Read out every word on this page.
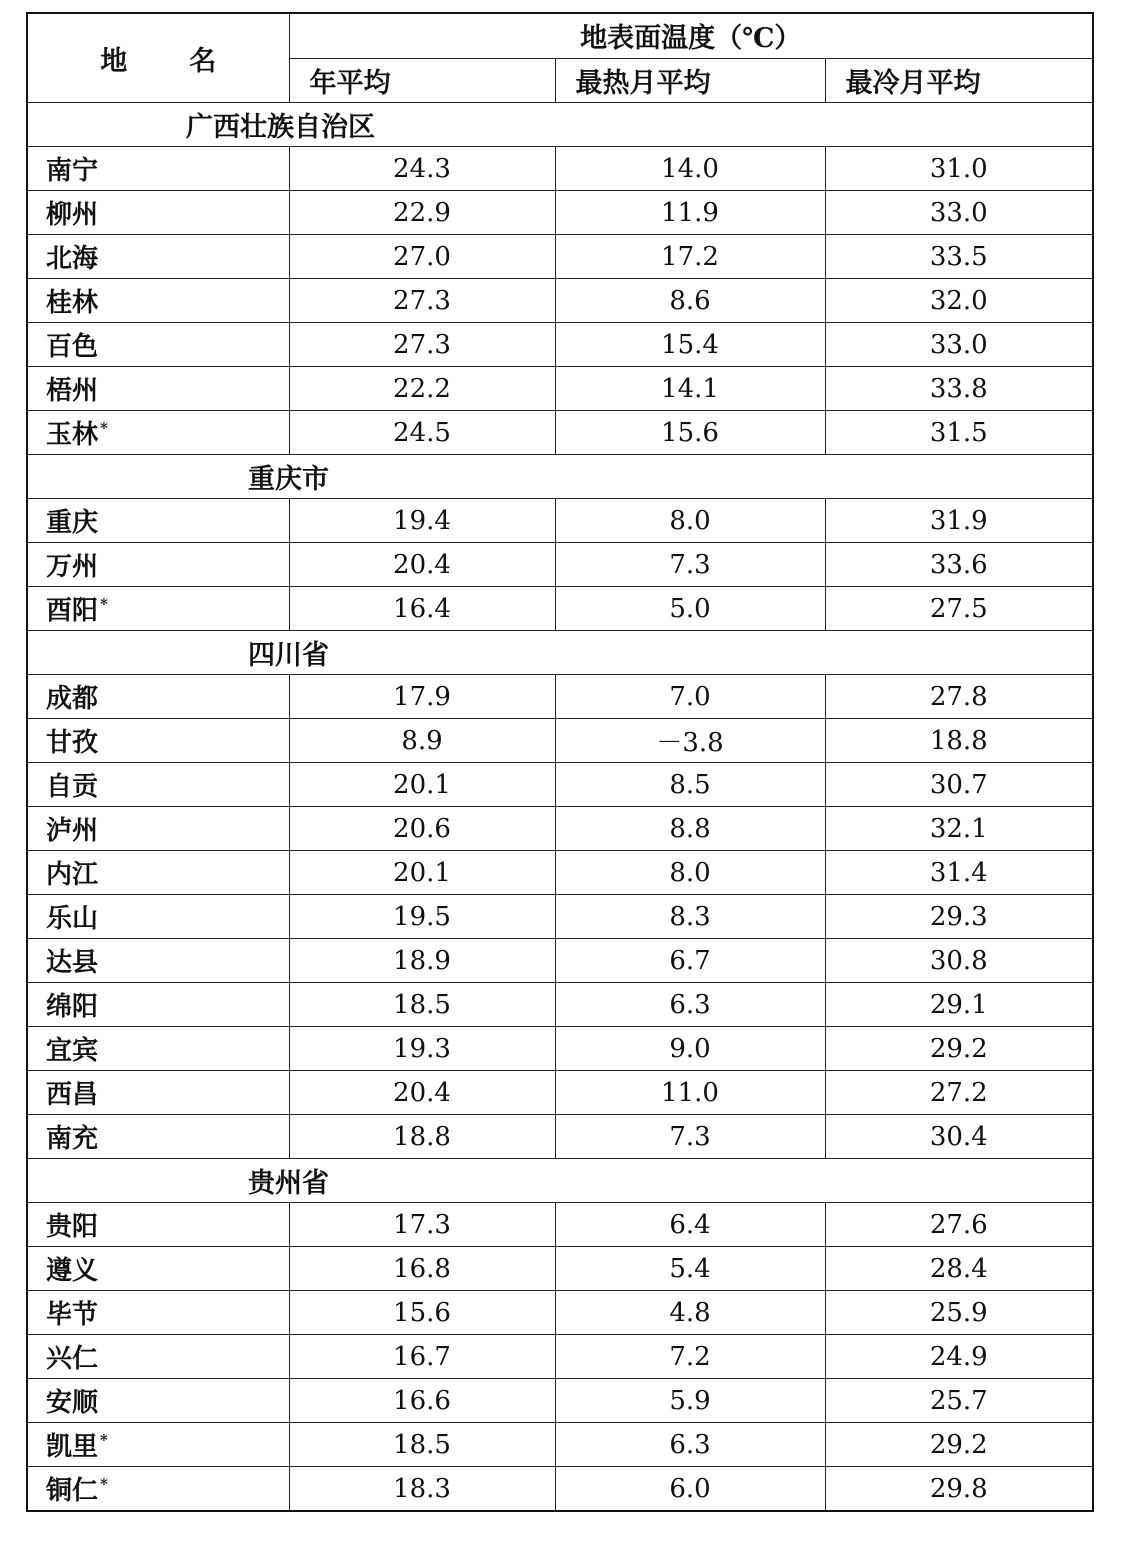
地 名	地表面温度（℃）		
	年平均	最热月平均	最冷月平均
广西壮族自治区			
南宁	24.3	14.0	31.0
柳州	22.9	11.9	33.0
北海	27.0	17.2	33.5
桂林	27.3	8.6	32.0
百色	27.3	15.4	33.0
梧州	22.2	14.1	33.8
玉林 *	24.5	15.6	31.5
重庆市			
重庆	19.4	8.0	31.9
万州	20.4	7.3	33.6
酉阳 *	16.4	5.0	27.5
四川省			
成都	17.9	7.0	27.8
甘孜	8.9	－3.8	18.8
自贡	20.1	8.5	30.7
泸州	20.6	8.8	32.1
内江	20.1	8.0	31.4
乐山	19.5	8.3	29.3
达县	18.9	6.7	30.8
绵阳	18.5	6.3	29.1
宜宾	19.3	9.0	29.2
西昌	20.4	11.0	27.2
南充	18.8	7.3	30.4
贵州省			
贵阳	17.3	6.4	27.6
遵义	16.8	5.4	28.4
毕节	15.6	4.8	25.9
兴仁	16.7	7.2	24.9
安顺	16.6	5.9	25.7
凯里 *	18.5	6.3	29.2
铜仁 *	18.3	6.0	29.8
